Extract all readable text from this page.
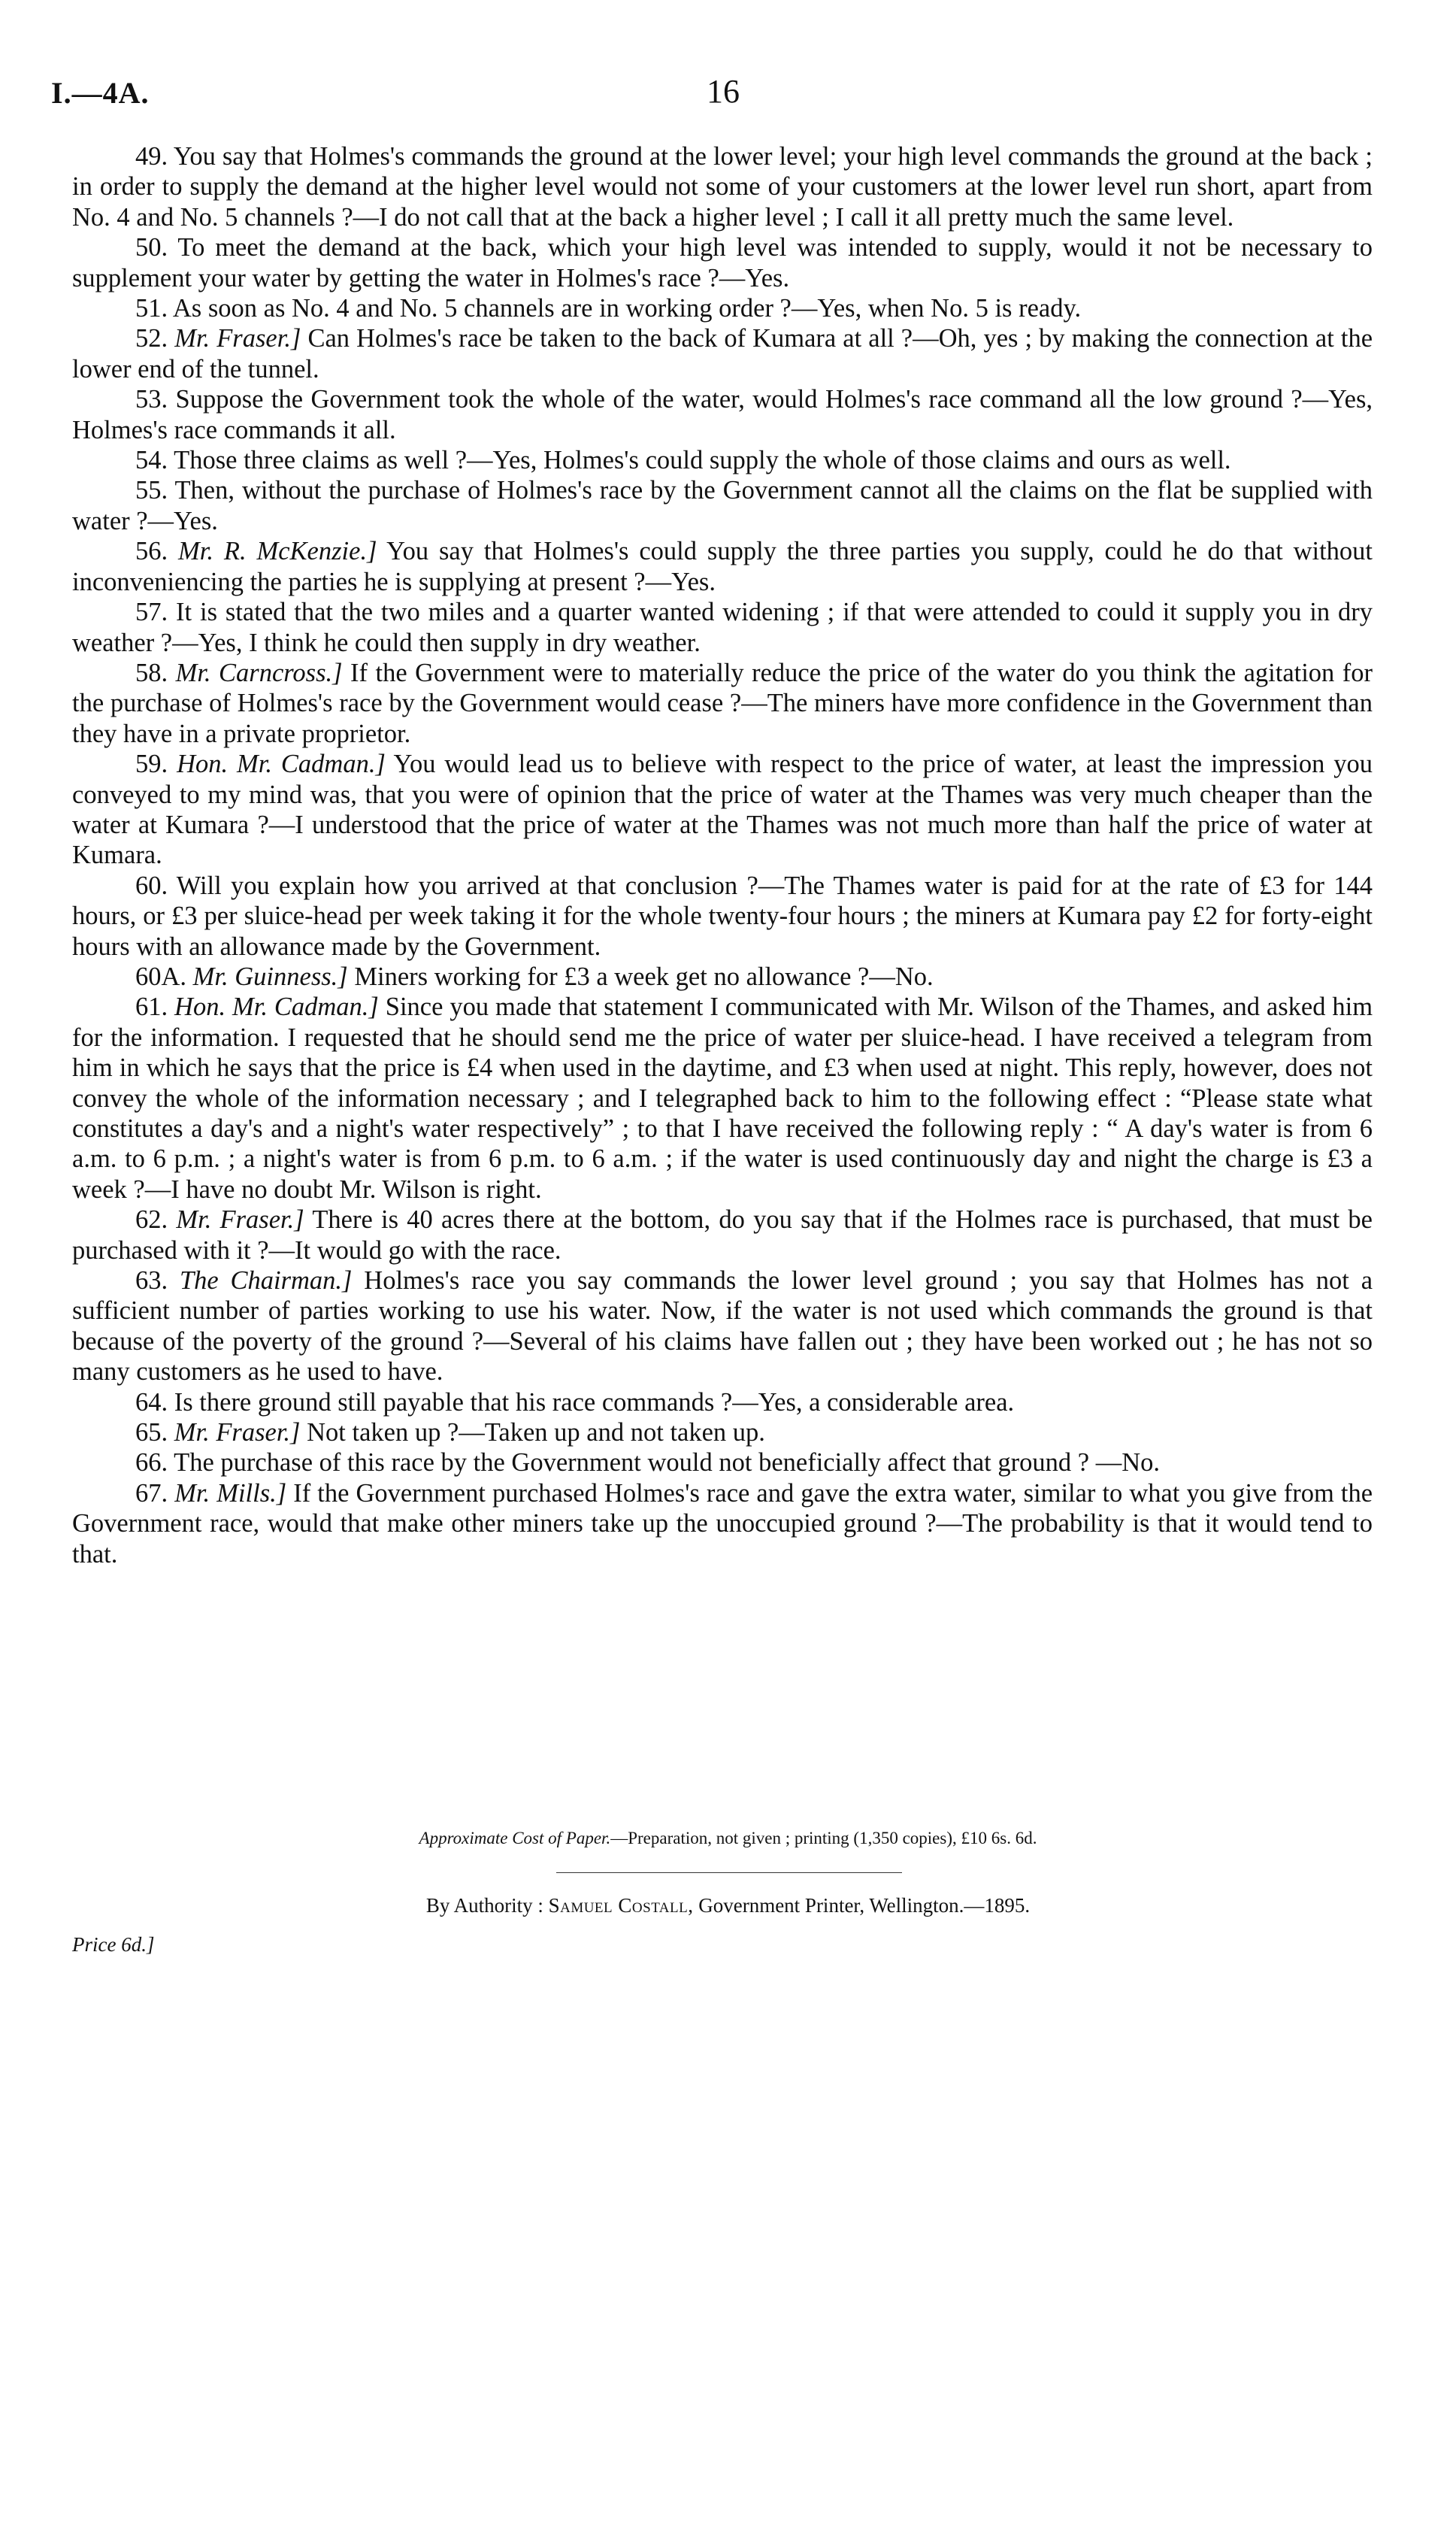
I.—4A.	16

49. You say that Holmes's commands the ground at the lower level; your high level commands the ground at the back ; in order to supply the demand at the higher level would not some of your customers at the lower level run short, apart from No. 4 and No. 5 channels ?—I do not call that at the back a higher level ; I call it all pretty much the same level.

50. To meet the demand at the back, which your high level was intended to supply, would it not be necessary to supplement your water by getting the water in Holmes's race ?—Yes.

51. As soon as No. 4 and No. 5 channels are in working order ?—Yes, when No. 5 is ready.

52. Mr. Fraser.] Can Holmes's race be taken to the back of Kumara at all ?—Oh, yes ; by making the connection at the lower end of the tunnel.

53. Suppose the Government took the whole of the water, would Holmes's race command all the low ground ?—Yes, Holmes's race commands it all.

54. Those three claims as well ?—Yes, Holmes's could supply the whole of those claims and ours as well.

55. Then, without the purchase of Holmes's race by the Government cannot all the claims on the flat be supplied with water ?—Yes.

56. Mr. R. McKenzie.] You say that Holmes's could supply the three parties you supply, could he do that without inconveniencing the parties he is supplying at present ?—Yes.

57. It is stated that the two miles and a quarter wanted widening ; if that were attended to could it supply you in dry weather ?—Yes, I think he could then supply in dry weather.

58. Mr. Carncross.] If the Government were to materially reduce the price of the water do you think the agitation for the purchase of Holmes's race by the Government would cease ?—The miners have more confidence in the Government than they have in a private proprietor.

59. Hon. Mr. Cadman.] You would lead us to believe with respect to the price of water, at least the impression you conveyed to my mind was, that you were of opinion that the price of water at the Thames was very much cheaper than the water at Kumara ?—I understood that the price of water at the Thames was not much more than half the price of water at Kumara.

60. Will you explain how you arrived at that conclusion ?—The Thames water is paid for at the rate of £3 for 144 hours, or £3 per sluice-head per week taking it for the whole twenty-four hours ; the miners at Kumara pay £2 for forty-eight hours with an allowance made by the Government.

60A. Mr. Guinness.] Miners working for £3 a week get no allowance ?—No.

61. Hon. Mr. Cadman.] Since you made that statement I communicated with Mr. Wilson of the Thames, and asked him for the information. I requested that he should send me the price of water per sluice-head. I have received a telegram from him in which he says that the price is £4 when used in the daytime, and £3 when used at night. This reply, however, does not convey the whole of the information necessary ; and I telegraphed back to him to the following effect : “Please state what constitutes a day's and a night's water respectively” ; to that I have received the following reply : “ A day's water is from 6 a.m. to 6 p.m. ; a night's water is from 6 p.m. to 6 a.m. ; if the water is used continuously day and night the charge is £3 a week ?—I have no doubt Mr. Wilson is right.

62. Mr. Fraser.] There is 40 acres there at the bottom, do you say that if the Holmes race is purchased, that must be purchased with it ?—It would go with the race.

63. The Chairman.] Holmes's race you say commands the lower level ground ; you say that Holmes has not a sufficient number of parties working to use his water. Now, if the water is not used which commands the ground is that because of the poverty of the ground ?—Several of his claims have fallen out ; they have been worked out ; he has not so many customers as he used to have.

64. Is there ground still payable that his race commands ?—Yes, a considerable area.

65. Mr. Fraser.] Not taken up ?—Taken up and not taken up.

66. The purchase of this race by the Government would not beneficially affect that ground ? —No.

67. Mr. Mills.] If the Government purchased Holmes's race and gave the extra water, similar to what you give from the Government race, would that make other miners take up the unoccupied ground ?—The probability is that it would tend to that.

Approximate Cost of Paper.—Preparation, not given ; printing (1,350 copies), £10 6s. 6d.
By Authority : Samuel Costall, Government Printer, Wellington.—1895.
Price 6d.]
